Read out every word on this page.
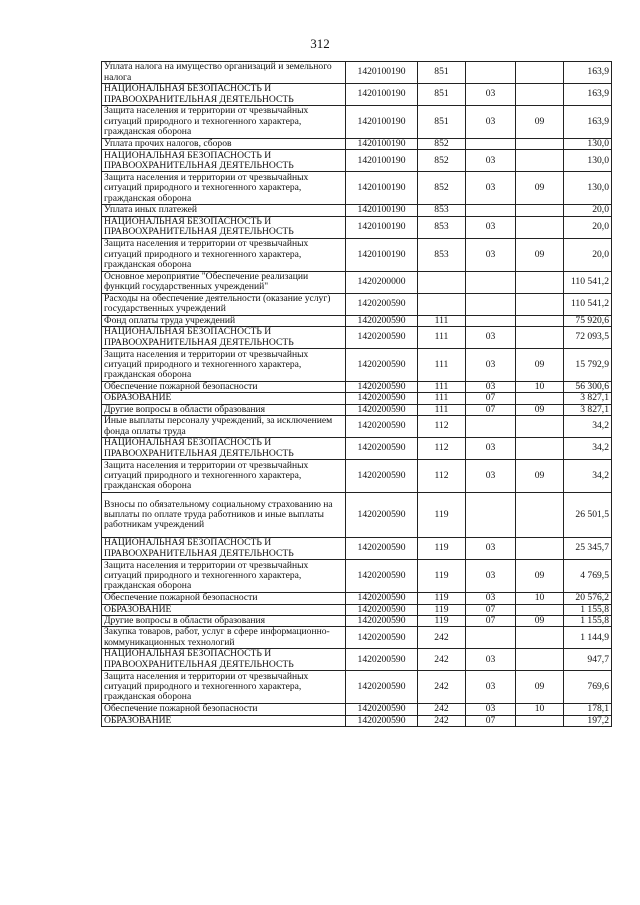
312
Уплата налога на имущество организаций и земельного налога	1420100190	851			163,9
НАЦИОНАЛЬНАЯ БЕЗОПАСНОСТЬ И ПРАВООХРАНИТЕЛЬНАЯ ДЕЯТЕЛЬНОСТЬ	1420100190	851	03		163,9
Защита населения и территории от чрезвычайных ситуаций природного и техногенного характера, гражданская оборона	1420100190	851	03	09	163,9
Уплата прочих налогов, сборов	1420100190	852			130,0
НАЦИОНАЛЬНАЯ БЕЗОПАСНОСТЬ И ПРАВООХРАНИТЕЛЬНАЯ ДЕЯТЕЛЬНОСТЬ	1420100190	852	03		130,0
Защита населения и территории от чрезвычайных ситуаций природного и техногенного характера, гражданская оборона	1420100190	852	03	09	130,0
Уплата иных платежей	1420100190	853			20,0
НАЦИОНАЛЬНАЯ БЕЗОПАСНОСТЬ И ПРАВООХРАНИТЕЛЬНАЯ ДЕЯТЕЛЬНОСТЬ	1420100190	853	03		20,0
Защита населения и территории от чрезвычайных ситуаций природного и техногенного характера, гражданская оборона	1420100190	853	03	09	20,0
Основное мероприятие "Обеспечение реализации функций государственных учреждений"	1420200000				110 541,2
Расходы на обеспечение деятельности (оказание услуг) государственных учреждений	1420200590				110 541,2
Фонд оплаты труда учреждений	1420200590	111			75 920,6
НАЦИОНАЛЬНАЯ БЕЗОПАСНОСТЬ И ПРАВООХРАНИТЕЛЬНАЯ ДЕЯТЕЛЬНОСТЬ	1420200590	111	03		72 093,5
Защита населения и территории от чрезвычайных ситуаций природного и техногенного характера, гражданская оборона	1420200590	111	03	09	15 792,9
Обеспечение пожарной безопасности	1420200590	111	03	10	56 300,6
ОБРАЗОВАНИЕ	1420200590	111	07		3 827,1
Другие вопросы в области образования	1420200590	111	07	09	3 827,1
Иные выплаты персоналу учреждений, за исключением фонда оплаты труда	1420200590	112			34,2
НАЦИОНАЛЬНАЯ БЕЗОПАСНОСТЬ И ПРАВООХРАНИТЕЛЬНАЯ ДЕЯТЕЛЬНОСТЬ	1420200590	112	03		34,2
Защита населения и территории от чрезвычайных ситуаций природного и техногенного характера, гражданская оборона	1420200590	112	03	09	34,2
Взносы по обязательному социальному страхованию на выплаты по оплате труда работников и иные выплаты работникам учреждений	1420200590	119			26 501,5
НАЦИОНАЛЬНАЯ БЕЗОПАСНОСТЬ И ПРАВООХРАНИТЕЛЬНАЯ ДЕЯТЕЛЬНОСТЬ	1420200590	119	03		25 345,7
Защита населения и территории от чрезвычайных ситуаций природного и техногенного характера, гражданская оборона	1420200590	119	03	09	4 769,5
Обеспечение пожарной безопасности	1420200590	119	03	10	20 576,2
ОБРАЗОВАНИЕ	1420200590	119	07		1 155,8
Другие вопросы в области образования	1420200590	119	07	09	1 155,8
Закупка товаров, работ, услуг в сфере информационно-коммуникационных технологий	1420200590	242			1 144,9
НАЦИОНАЛЬНАЯ БЕЗОПАСНОСТЬ И ПРАВООХРАНИТЕЛЬНАЯ ДЕЯТЕЛЬНОСТЬ	1420200590	242	03		947,7
Защита населения и территории от чрезвычайных ситуаций природного и техногенного характера, гражданская оборона	1420200590	242	03	09	769,6
Обеспечение пожарной безопасности	1420200590	242	03	10	178,1
ОБРАЗОВАНИЕ	1420200590	242	07		197,2
